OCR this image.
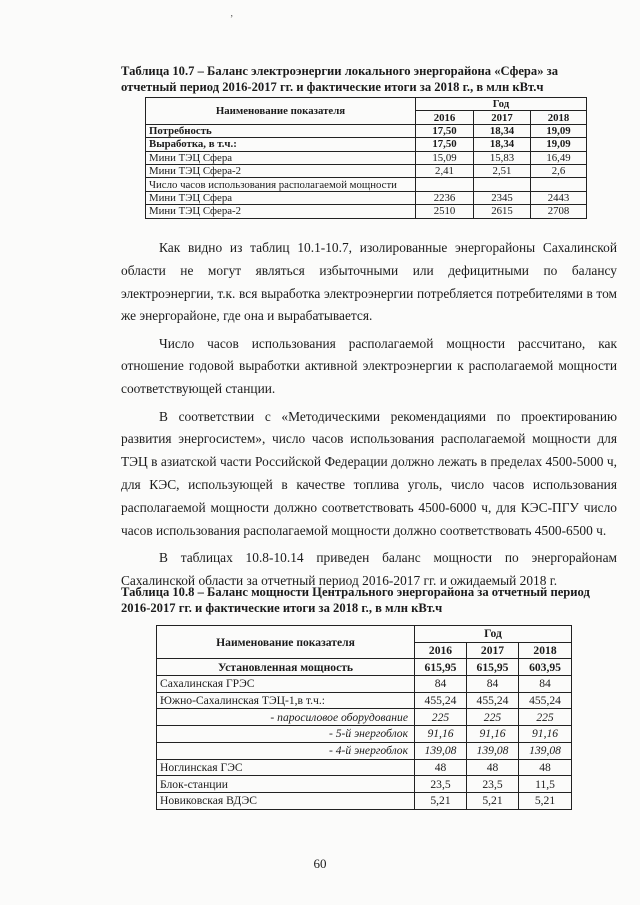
‚
Таблица 10.7 – Баланс электроэнергии локального энергорайона «Сфера» за отчетный период 2016-2017 гг. и фактические итоги за 2018 г., в млн кВт.ч
Наименование показателя	Год		
	2016	2017	2018
Потребность	17,50	18,34	19,09
Выработка, в т.ч.:	17,50	18,34	19,09
Мини ТЭЦ Сфера	15,09	15,83	16,49
Мини ТЭЦ Сфера-2	2,41	2,51	2,6
Число часов использования располагаемой мощности			
Мини ТЭЦ Сфера	2236	2345	2443
Мини ТЭЦ Сфера-2	2510	2615	2708

Как видно из таблиц 10.1-10.7, изолированные энергорайоны Сахалинской области не могут являться избыточными или дефицитными по балансу электроэнергии, т.к. вся выработка электроэнергии потребляется потребителями в том же энергорайоне, где она и вырабатывается.

Число часов использования располагаемой мощности рассчитано, как отношение годовой выработки активной электроэнергии к располагаемой мощности соответствующей станции.

В соответствии с «Методическими рекомендациями по проектированию развития энергосистем», число часов использования располагаемой мощности для ТЭЦ в азиатской части Российской Федерации должно лежать в пределах 4500-5000 ч, для КЭС, использующей в качестве топлива уголь, число часов использования располагаемой мощности должно соответствовать 4500-6000 ч, для КЭС-ПГУ число часов использования располагаемой мощности должно соответствовать 4500-6500 ч.

В таблицах 10.8-10.14 приведен баланс мощности по энергорайонам Сахалинской области за отчетный период 2016-2017 гг. и ожидаемый 2018 г.

Таблица 10.8 – Баланс мощности Центрального энергорайона за отчетный период 2016-2017 гг. и фактические итоги за 2018 г., в млн кВт.ч
Наименование показателя	Год		
	2016	2017	2018
Установленная мощность	615,95	615,95	603,95
Сахалинская ГРЭС	84	84	84
Южно-Сахалинская ТЭЦ-1,в т.ч.:	455,24	455,24	455,24
- паросиловое оборудование	225	225	225
- 5-й энергоблок	91,16	91,16	91,16
- 4-й энергоблок	139,08	139,08	139,08
Ноглинская ГЭС	48	48	48
Блок-станции	23,5	23,5	11,5
Новиковская ВДЭС	5,21	5,21	5,21
60
